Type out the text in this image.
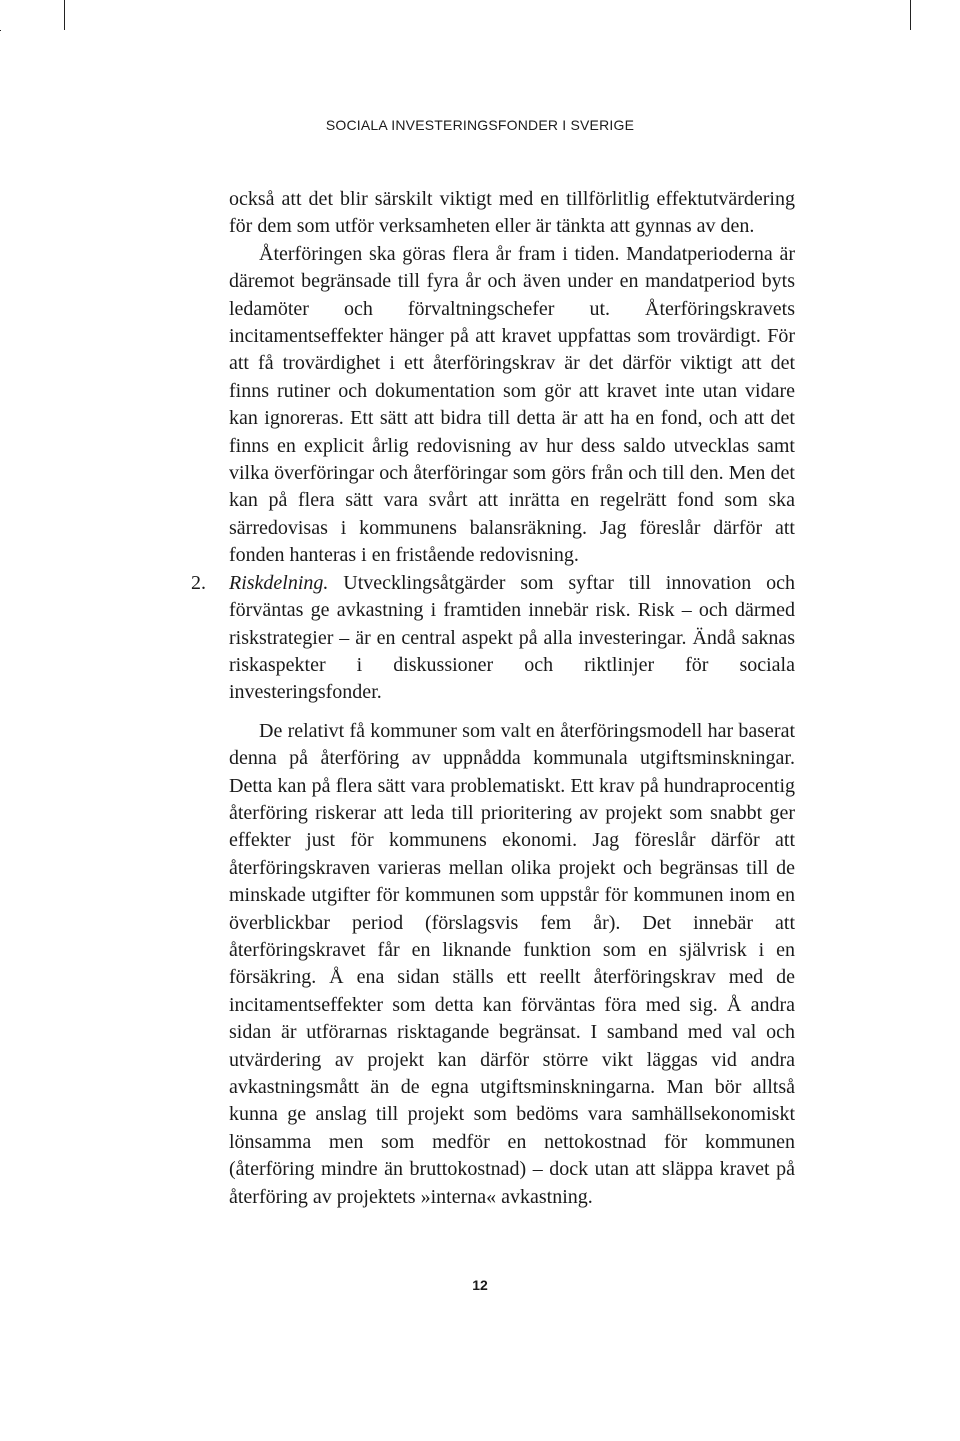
SOCIALA INVESTERINGSFONDER I SVERIGE

också att det blir särskilt viktigt med en tillförlitlig effektutvärdering för dem som utför verksamheten eller är tänkta att gynnas av den.

Återföringen ska göras flera år fram i tiden. Mandatperioderna är däremot begränsade till fyra år och även under en mandatperiod byts ledamöter och förvaltningschefer ut. Återföringskravets incitamentseffekter hänger på att kravet uppfattas som trovärdigt. För att få trovärdighet i ett återföringskrav är det därför viktigt att det finns rutiner och dokumentation som gör att kravet inte utan vidare kan ignoreras. Ett sätt att bidra till detta är att ha en fond, och att det finns en explicit årlig redovisning av hur dess saldo utvecklas samt vilka överföringar och återföringar som görs från och till den. Men det kan på flera sätt vara svårt att inrätta en regelrätt fond som ska särredovisas i kommunens balansräkning. Jag föreslår därför att fonden hanteras i en fristående redovisning.

2. Riskdelning. Utvecklingsåtgärder som syftar till innovation och förväntas ge avkastning i framtiden innebär risk. Risk – och därmed riskstrategier – är en central aspekt på alla investeringar. Ändå saknas riskaspekter i diskussioner och riktlinjer för sociala investeringsfonder.

De relativt få kommuner som valt en återföringsmodell har baserat denna på återföring av uppnådda kommunala utgiftsminskningar. Detta kan på flera sätt vara problematiskt. Ett krav på hundraprocentig återföring riskerar att leda till prioritering av projekt som snabbt ger effekter just för kommunens ekonomi. Jag föreslår därför att återföringskraven varieras mellan olika projekt och begränsas till de minskade utgifter för kommunen som uppstår för kommunen inom en överblickbar period (förslagsvis fem år). Det innebär att återföringskravet får en liknande funktion som en självrisk i en försäkring. Å ena sidan ställs ett reellt återföringskrav med de incitamentseffekter som detta kan förväntas föra med sig. Å andra sidan är utförarnas risktagande begränsat. I samband med val och utvärdering av projekt kan därför större vikt läggas vid andra avkastningsmått än de egna utgiftsminskningarna. Man bör alltså kunna ge anslag till projekt som bedöms vara samhällsekonomiskt lönsamma men som medför en nettokostnad för kommunen (återföring mindre än bruttokostnad) – dock utan att släppa kravet på återföring av projektets »interna« avkastning.

12
